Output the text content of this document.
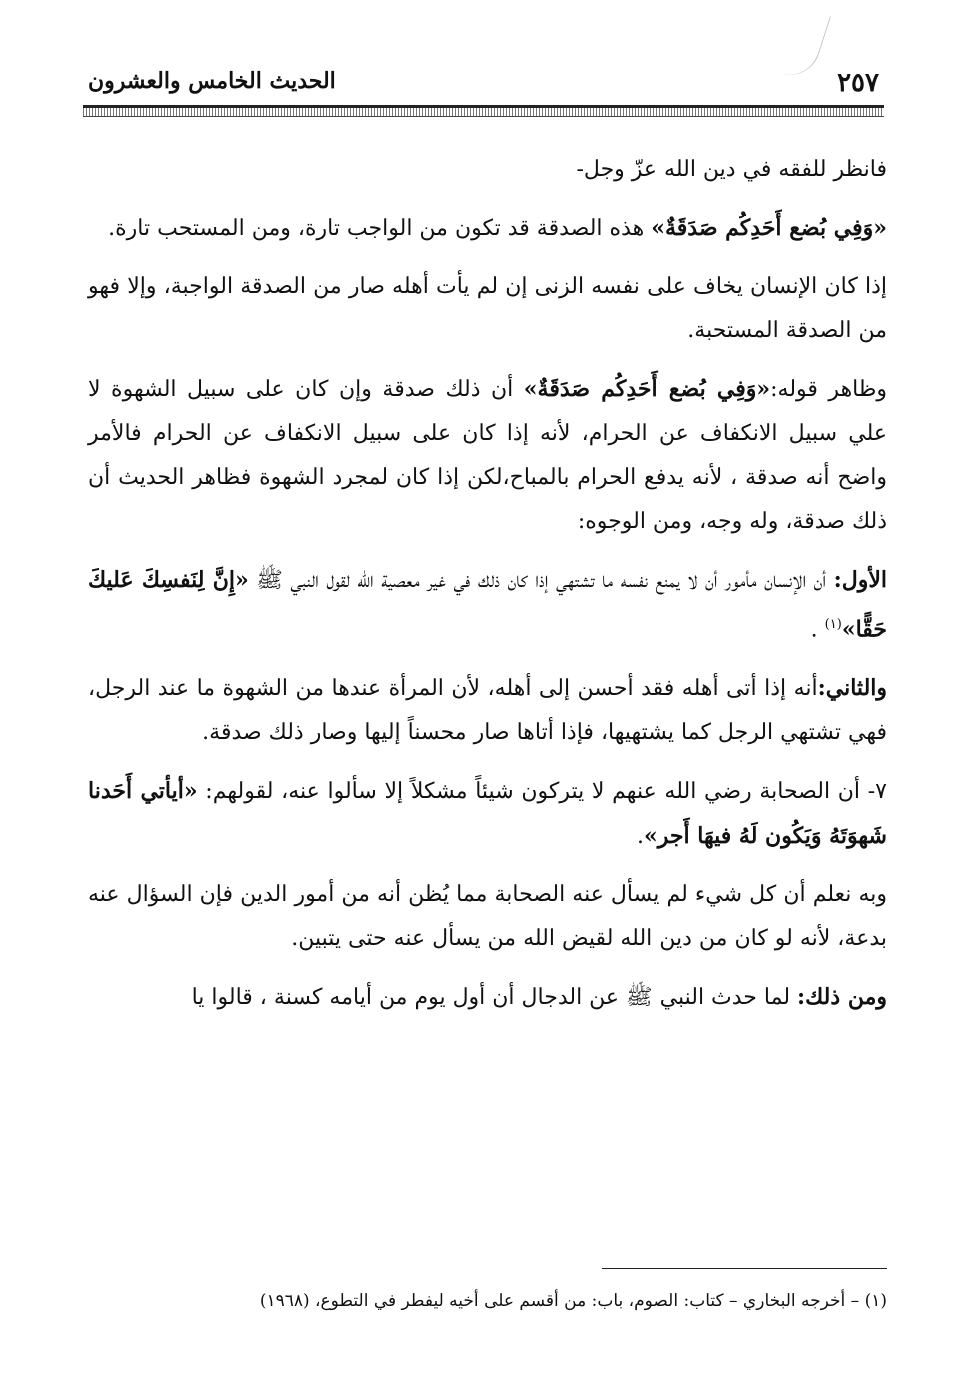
٢٥٧
الحديث الخامس والعشرون

فانظر للفقه في دين الله عزّ وجل-

«وَفِي بُضع أَحَدِكُم صَدَقَةٌ» هذه الصدقة قد تكون من الواجب تارة، ومن المستحب تارة.

إذا كان الإنسان يخاف على نفسه الزنى إن لم يأت أهله صار من الصدقة الواجبة، وإلا فهو من الصدقة المستحبة.

وظاهر قوله:«وَفِي بُضع أَحَدِكُم صَدَقَةٌ» أن ذلك صدقة وإن كان على سبيل الشهوة لا علي سبيل الانكفاف عن الحرام، لأنه إذا كان على سبيل الانكفاف عن الحرام فالأمر واضح أنه صدقة ، لأنه يدفع الحرام بالمباح،لكن إذا كان لمجرد الشهوة فظاهر الحديث أن ذلك صدقة، وله وجه، ومن الوجوه:

الأول: أن الإنسان مأمور أن لا يمنع نفسه ما تشتهي إذا كان ذلك في غير معصية الله لقول النبي ﷺ «إِنَّ لِنَفسِكَ عَليكَ حَقًّا»$^{(١)}$ .

والثاني:أنه إذا أتى أهله فقد أحسن إلى أهله، لأن المرأة عندها من الشهوة ما عند الرجل، فهي تشتهي الرجل كما يشتهيها، فإذا أتاها صار محسناً إليها وصار ذلك صدقة.

٧- أن الصحابة رضي الله عنهم لا يتركون شيئاً مشكلاً إلا سألوا عنه، لقولهم: «أيأتي أَحَدنا شَهوَتَهُ وَيَكُون لَهُ فيهَا أَجر».

وبه نعلم أن كل شيء لم يسأل عنه الصحابة مما يُظن أنه من أمور الدين فإن السؤال عنه بدعة، لأنه لو كان من دين الله لقيض الله من يسأل عنه حتى يتبين.

ومن ذلك: لما حدث النبي ﷺ عن الدجال أن أول يوم من أيامه كسنة ، قالوا يا

(١) – أخرجه البخاري – كتاب: الصوم، باب: من أقسم على أخيه ليفطر في التطوع، (١٩٦٨)
